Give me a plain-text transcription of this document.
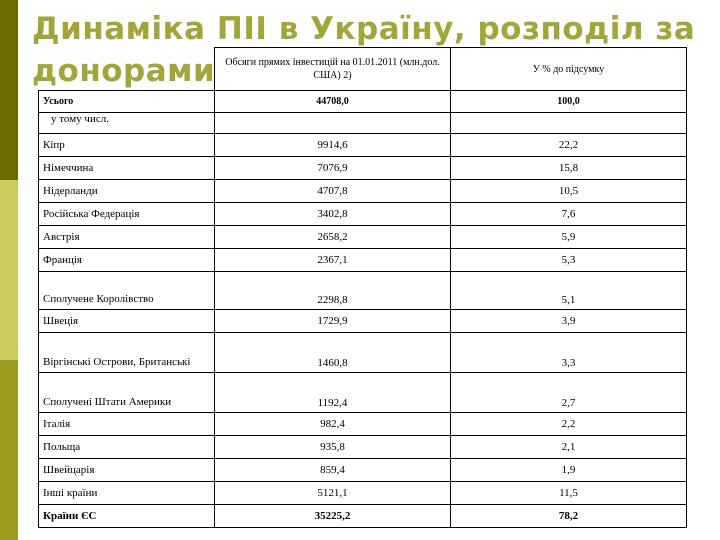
	Обсяги прямих інвестицій на 01.01.2011 (млн.дол. США) 2)	У % до підсумку
Усього	44708,0	100,0
у тому числ.		
Кіпр	9914,6	22,2
Німеччина	7076,9	15,8
Нідерланди	4707,8	10,5
Російська Федерація	3402,8	7,6
Австрія	2658,2	5,9
Франція	2367,1	5,3
Сполучене Королівство	2298,8	5,1
Швеція	1729,9	3,9
Віргінські Острови, Британські	1460,8	3,3
Сполучені Штати Америки	1192,4	2,7
Італія	982,4	2,2
Польща	935,8	2,1
Швейцарія	859,4	1,9
Інші країни	5121,1	11,5
Країни ЄС	35225,2	78,2
Динаміка ПІІ в Україну, розподіл за донорами
